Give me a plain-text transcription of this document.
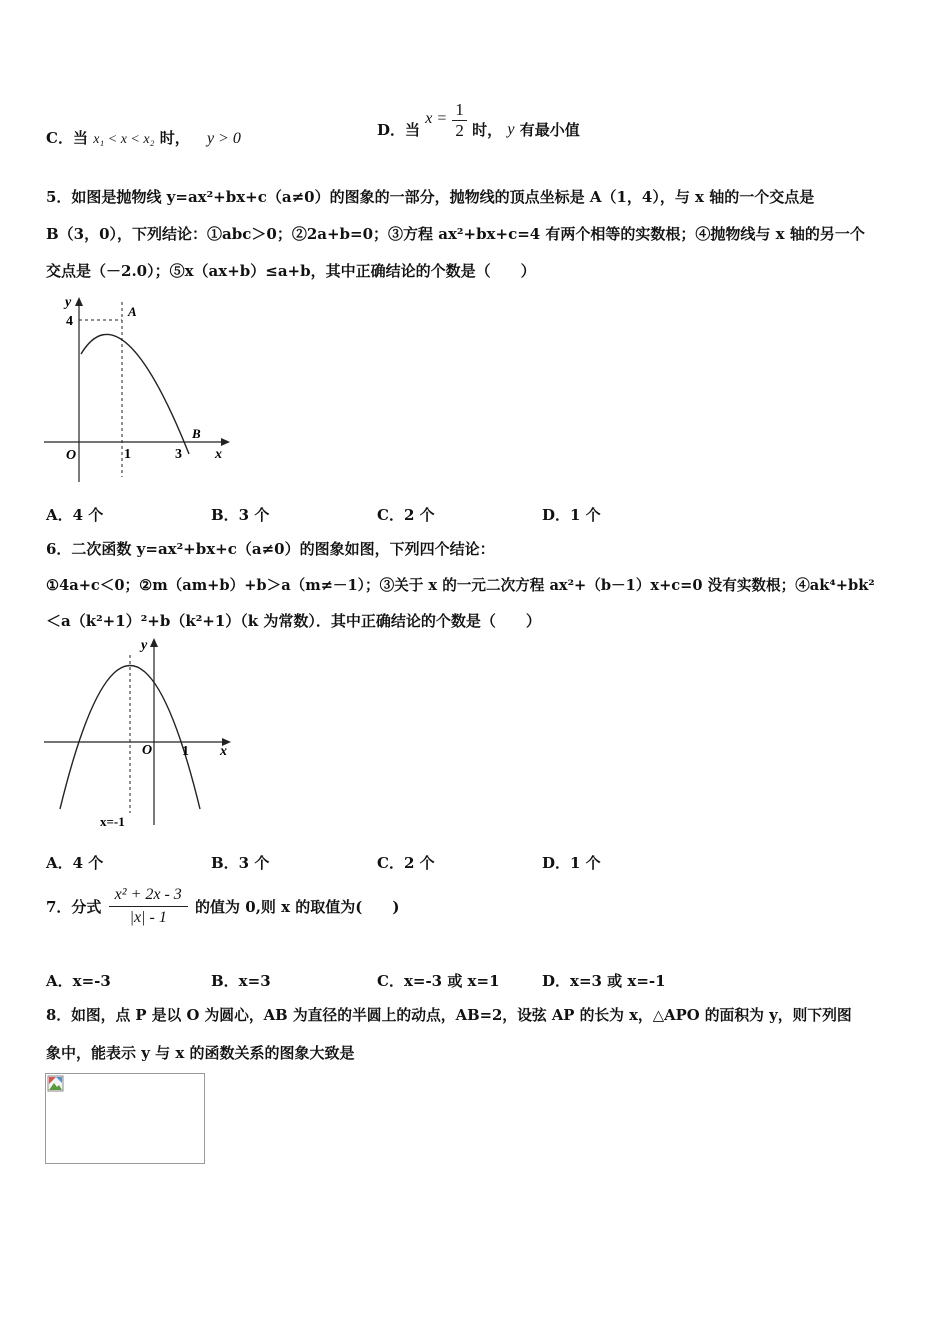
C．当 x₁ < x < x₂ 时， y > 0	D．当 $x = \frac{1}{2}$ 时， y 有最小值
5．如图是抛物线 y=ax²+bx+c（a≠0）的图象的一部分，抛物线的顶点坐标是 A（1，4），与 x 轴的一个交点是
B（3，0），下列结论：①abc＞0；②2a+b=0；③方程 ax²+bx+c=4 有两个相等的实数根；④抛物线与 x 轴的另一个
交点是（－2.0）；⑤x（ax+b）≤a+b，其中正确结论的个数是（　　）
y
4
A
B
O	1	3 x
A．4 个	B．3 个	C．2 个	D．1 个
6．二次函数 y=ax²+bx+c（a≠0）的图象如图，下列四个结论：
①4a+c＜0；②m（am+b）+b＞a（m≠－1）；③关于 x 的一元二次方程 ax²+（b－1）x+c=0 没有实数根；④ak⁴+bk²
＜a（k²+1）²+b（k²+1）（k 为常数）．其中正确结论的个数是（　　）
y
O 1 x
x=-1
A．4 个	B．3 个	C．2 个	D．1 个
7．分式 $\frac{\text{x² + 2x - 3}}{|x| - 1}$ 的值为 0,则 x 的取值为(　　)
A．x=-3	B．x=3	C．x=-3 或 x=1	D．x=3 或 x=-1
8．如图，点 P 是以 O 为圆心，AB 为直径的半圆上的动点，AB=2，设弦 AP 的长为 x，△APO 的面积为 y，则下列图
象中，能表示 y 与 x 的函数关系的图象大致是
